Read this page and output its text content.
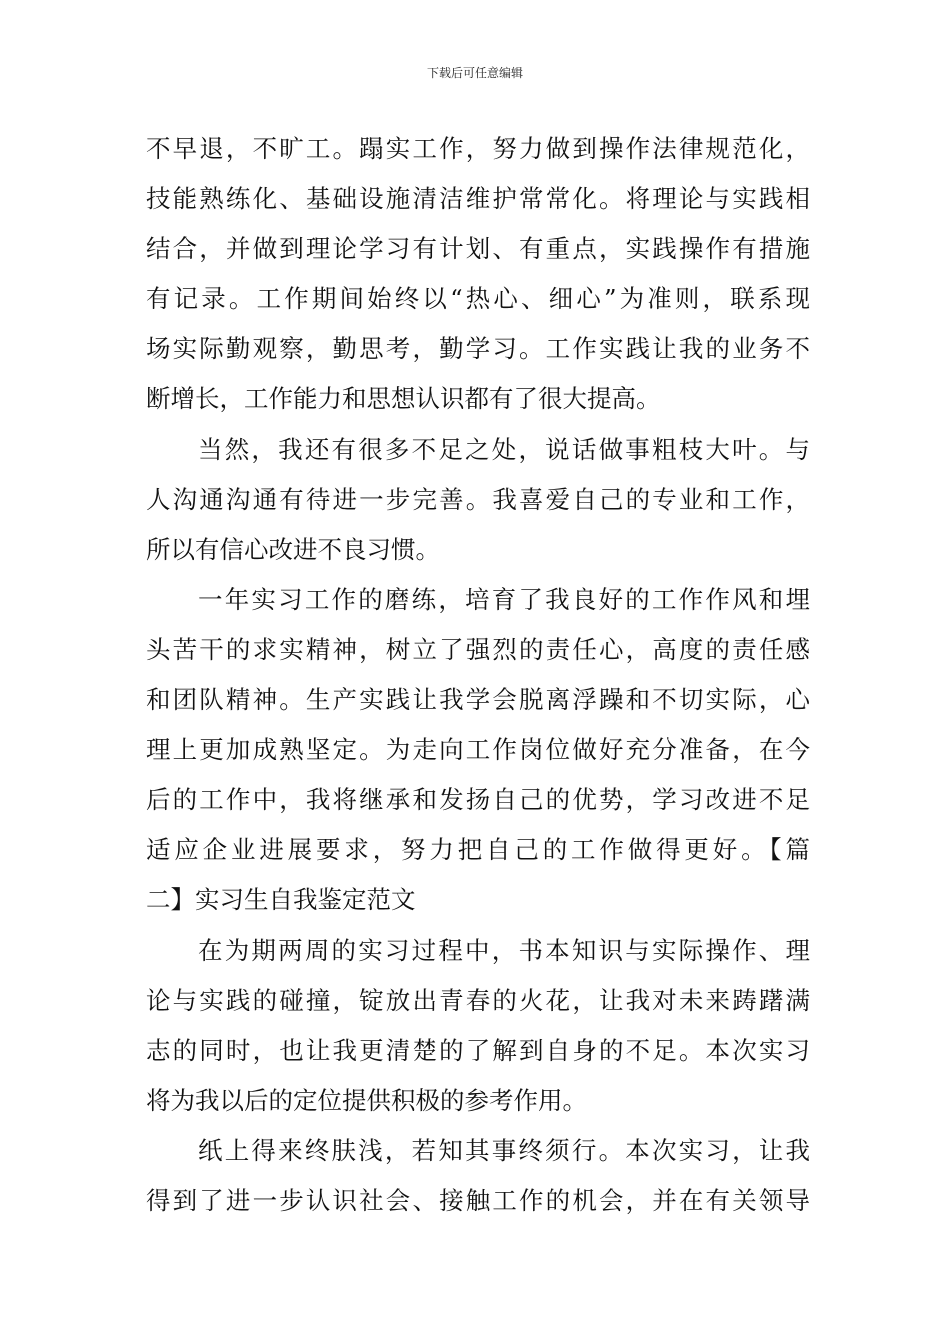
下载后可任意编辑
不早退，不旷工。蹋实工作，努力做到操作法律规范化，
技能熟练化、基础设施清洁维护常常化。将理论与实践相
结合，并做到理论学习有计划、有重点，实践操作有措施
有记录。工作期间始终以“热心、细心”为准则，联系现
场实际勤观察，勤思考，勤学习。工作实践让我的业务不
断增长，工作能力和思想认识都有了很大提高。
当然，我还有很多不足之处，说话做事粗枝大叶。与
人沟通沟通有待进一步完善。我喜爱自己的专业和工作，
所以有信心改进不良习惯。
一年实习工作的磨练，培育了我良好的工作作风和埋
头苦干的求实精神，树立了强烈的责任心，高度的责任感
和团队精神。生产实践让我学会脱离浮躁和不切实际，心
理上更加成熟坚定。为走向工作岗位做好充分准备，在今
后的工作中，我将继承和发扬自己的优势，学习改进不足
适应企业进展要求，努力把自己的工作做得更好。【篇
二】实习生自我鉴定范文
在为期两周的实习过程中，书本知识与实际操作、理
论与实践的碰撞，锭放出青春的火花，让我对未来踌躇满
志的同时，也让我更清楚的了解到自身的不足。本次实习
将为我以后的定位提供积极的参考作用。
纸上得来终肤浅，若知其事终须行。本次实习，让我
得到了进一步认识社会、接触工作的机会，并在有关领导
